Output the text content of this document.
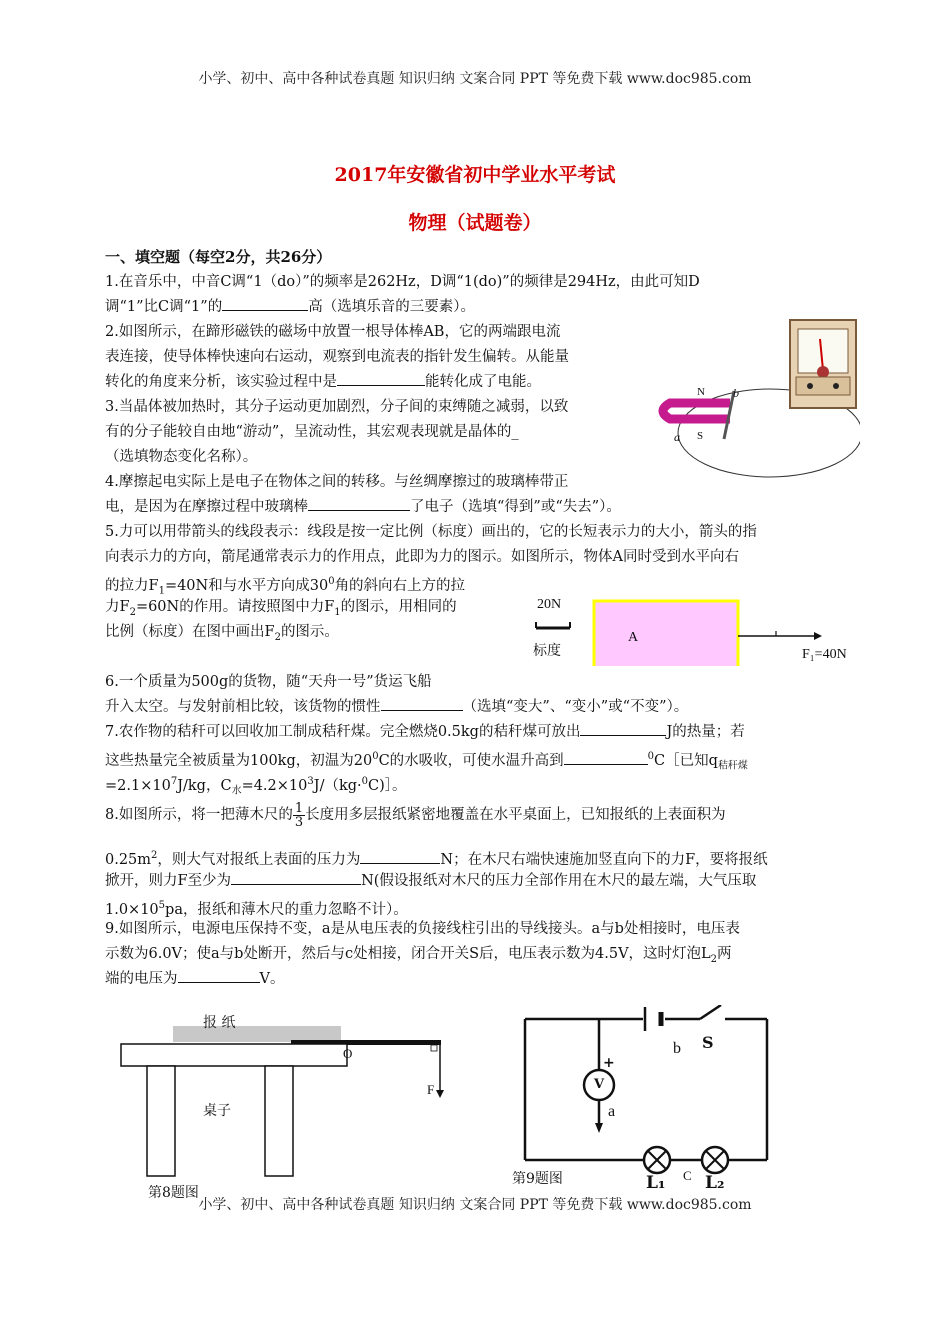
小学、初中、高中各种试卷真题 知识归纳 文案合同 PPT 等免费下载 www.doc985.com
2017年安徽省初中学业水平考试
物理（试题卷）
一、填空题（每空2分，共26分）
1.在音乐中，中音C调“1（do）”的频率是262Hz，D调“1(do)”的频律是294Hz，由此可知D
调“1”比C调“1”的	高（选填乐音的三要素）。
2.如图所示，在蹄形磁铁的磁场中放置一根导体棒AB，它的两端跟电流
表连接，使导体棒快速向右运动，观察到电流表的指针发生偏转。从能量
转化的角度来分析，该实验过程中是	能转化成了电能。
3.当晶体被加热时，其分子运动更加剧烈，分子间的束缚随之减弱，以致
有的分子能较自由地“游动”，呈流动性，其宏观表现就是晶体的_
（选填物态变化名称）。
4.摩擦起电实际上是电子在物体之间的转移。与丝绸摩擦过的玻璃棒带正
电，是因为在摩擦过程中玻璃棒	了电子（选填“得到”或“失去”）。
5.力可以用带箭头的线段表示：线段是按一定比例（标度）画出的，它的长短表示力的大小，箭头的指
向表示力的方向，箭尾通常表示力的作用点，此即为力的图示。如图所示，物体A同时受到水平向右
的拉力$F_1=40N$和与水平方向成$30^0$角的斜向右上方的拉
力$F_2=60N$的作用。请按照图中力$F_1$的图示，用相同的
比例（标度）在图中画出$F_2$的图示。
20N
标度
A
F₁=40N
6.一个质量为500g的货物，随“天舟一号”货运飞船
升入太空。与发射前相比较，该货物的惯性	（选填“变大”、“变小”或“不变”）。
7.农作物的秸秆可以回收加工制成秸秆煤。完全燃烧0.5kg的秸秆煤可放出	J的热量；若
这些热量完全被质量为100kg，初温为$20^0C$的水吸收，可使水温升高到	$^0$C［已知$q_{秸秆煤}$
$=2.1\times 10^7J/kg$，$C_水=4.2\times 10^3J/(kg\cdot^0C)]$。
8.如图所示，将一把薄木尺的 $\frac{1}{3}$ 长度用多层报纸紧密地覆盖在水平桌面上，已知报纸的上表面积为
$0.25m^2$，则大气对报纸上表面的压力为	N；在木尺右端快速施加竖直向下的力F，要将报纸
掀开，则力F至少为	N(假设报纸对木尺的压力全部作用在木尺的最左端，大气压取
$1.0\times 10^5pa$，报纸和薄木尺的重力忽略不计）。
9.如图所示，电源电压保持不变，a是从电压表的负接线柱引出的导线接头。a与b处相接时，电压表
示数为6.0V；使a与b处断开，然后与c处相接，闭合开关S后，电压表示数为4.5V，这时灯泡$L_2$两
端的电压为	V。
N
S
a
b
报 纸
O
F
桌子
第8题图
b S
+
V
a
C
L₁ L₂
第9题图
小学、初中、高中各种试卷真题 知识归纳 文案合同 PPT 等免费下载 www.doc985.com
